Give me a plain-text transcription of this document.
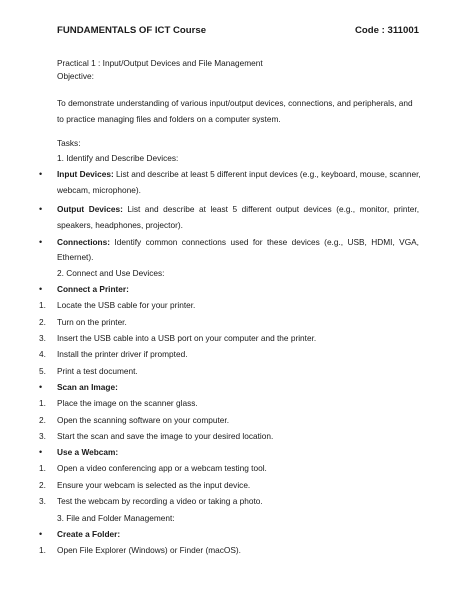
FUNDAMENTALS OF ICT Course	Code : 311001
Practical 1 : Input/Output Devices and File Management
Objective:
To demonstrate understanding of various input/output devices, connections, and peripherals, and
to practice managing files and folders on a computer system.
Tasks:
1. Identify and Describe Devices:
• Input Devices: List and describe at least 5 different input devices (e.g., keyboard, mouse, scanner,
webcam, microphone).
• Output Devices: List and describe at least 5 different output devices (e.g., monitor, printer,
speakers, headphones, projector).
• Connections: Identify common connections used for these devices (e.g., USB, HDMI, VGA,
Ethernet).
2. Connect and Use Devices:
• Connect a Printer:
1. Locate the USB cable for your printer.
2. Turn on the printer.
3. Insert the USB cable into a USB port on your computer and the printer.
4. Install the printer driver if prompted.
5. Print a test document.
• Scan an Image:
1. Place the image on the scanner glass.
2. Open the scanning software on your computer.
3. Start the scan and save the image to your desired location.
• Use a Webcam:
1. Open a video conferencing app or a webcam testing tool.
2. Ensure your webcam is selected as the input device.
3. Test the webcam by recording a video or taking a photo.
3. File and Folder Management:
• Create a Folder:
1. Open File Explorer (Windows) or Finder (macOS).
